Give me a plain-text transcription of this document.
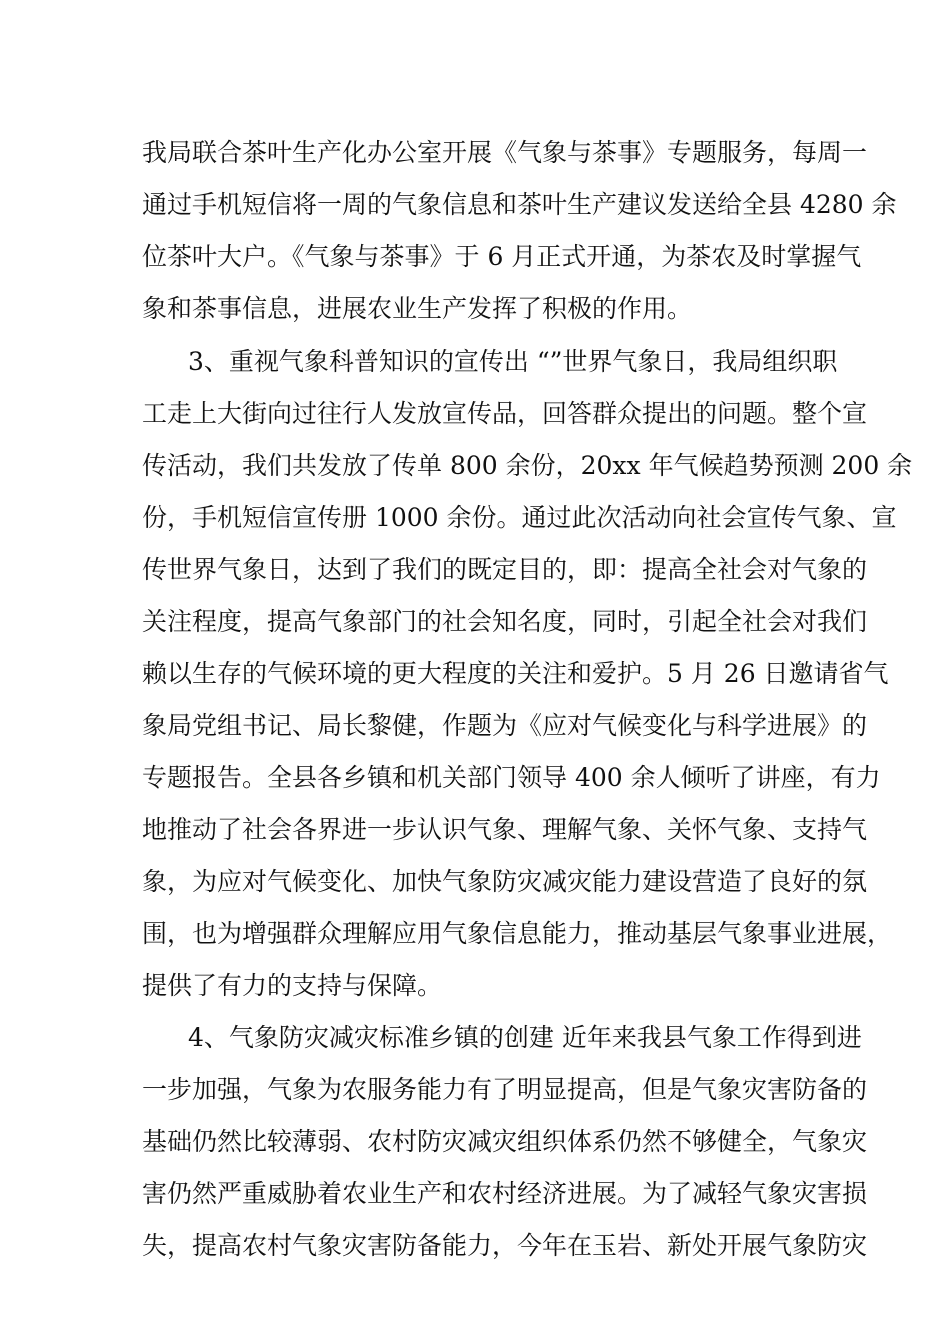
我局联合茶叶生产化办公室开展《气象与茶事》专题服务，每周一
通过手机短信将一周的气象信息和茶叶生产建议发送给全县 4280 余
位茶叶大户。《气象与茶事》于 6 月正式开通，为茶农及时掌握气
象和茶事信息，进展农业生产发挥了积极的作用。
3、重视气象科普知识的宣传出 “”世界气象日，我局组织职
工走上大街向过往行人发放宣传品，回答群众提出的问题。整个宣
传活动，我们共发放了传单 800 余份，20xx 年气候趋势预测 200 余
份，手机短信宣传册 1000 余份。通过此次活动向社会宣传气象、宣
传世界气象日，达到了我们的既定目的，即：提高全社会对气象的
关注程度，提高气象部门的社会知名度，同时，引起全社会对我们
赖以生存的气候环境的更大程度的关注和爱护。5 月 26 日邀请省气
象局党组书记、局长黎健，作题为《应对气候变化与科学进展》的
专题报告。全县各乡镇和机关部门领导 400 余人倾听了讲座，有力
地推动了社会各界进一步认识气象、理解气象、关怀气象、支持气
象，为应对气候变化、加快气象防灾减灾能力建设营造了良好的氛
围，也为增强群众理解应用气象信息能力，推动基层气象事业进展，
提供了有力的支持与保障。
4、气象防灾减灾标准乡镇的创建 近年来我县气象工作得到进
一步加强，气象为农服务能力有了明显提高，但是气象灾害防备的
基础仍然比较薄弱、农村防灾减灾组织体系仍然不够健全，气象灾
害仍然严重威胁着农业生产和农村经济进展。为了减轻气象灾害损
失，提高农村气象灾害防备能力，今年在玉岩、新处开展气象防灾
